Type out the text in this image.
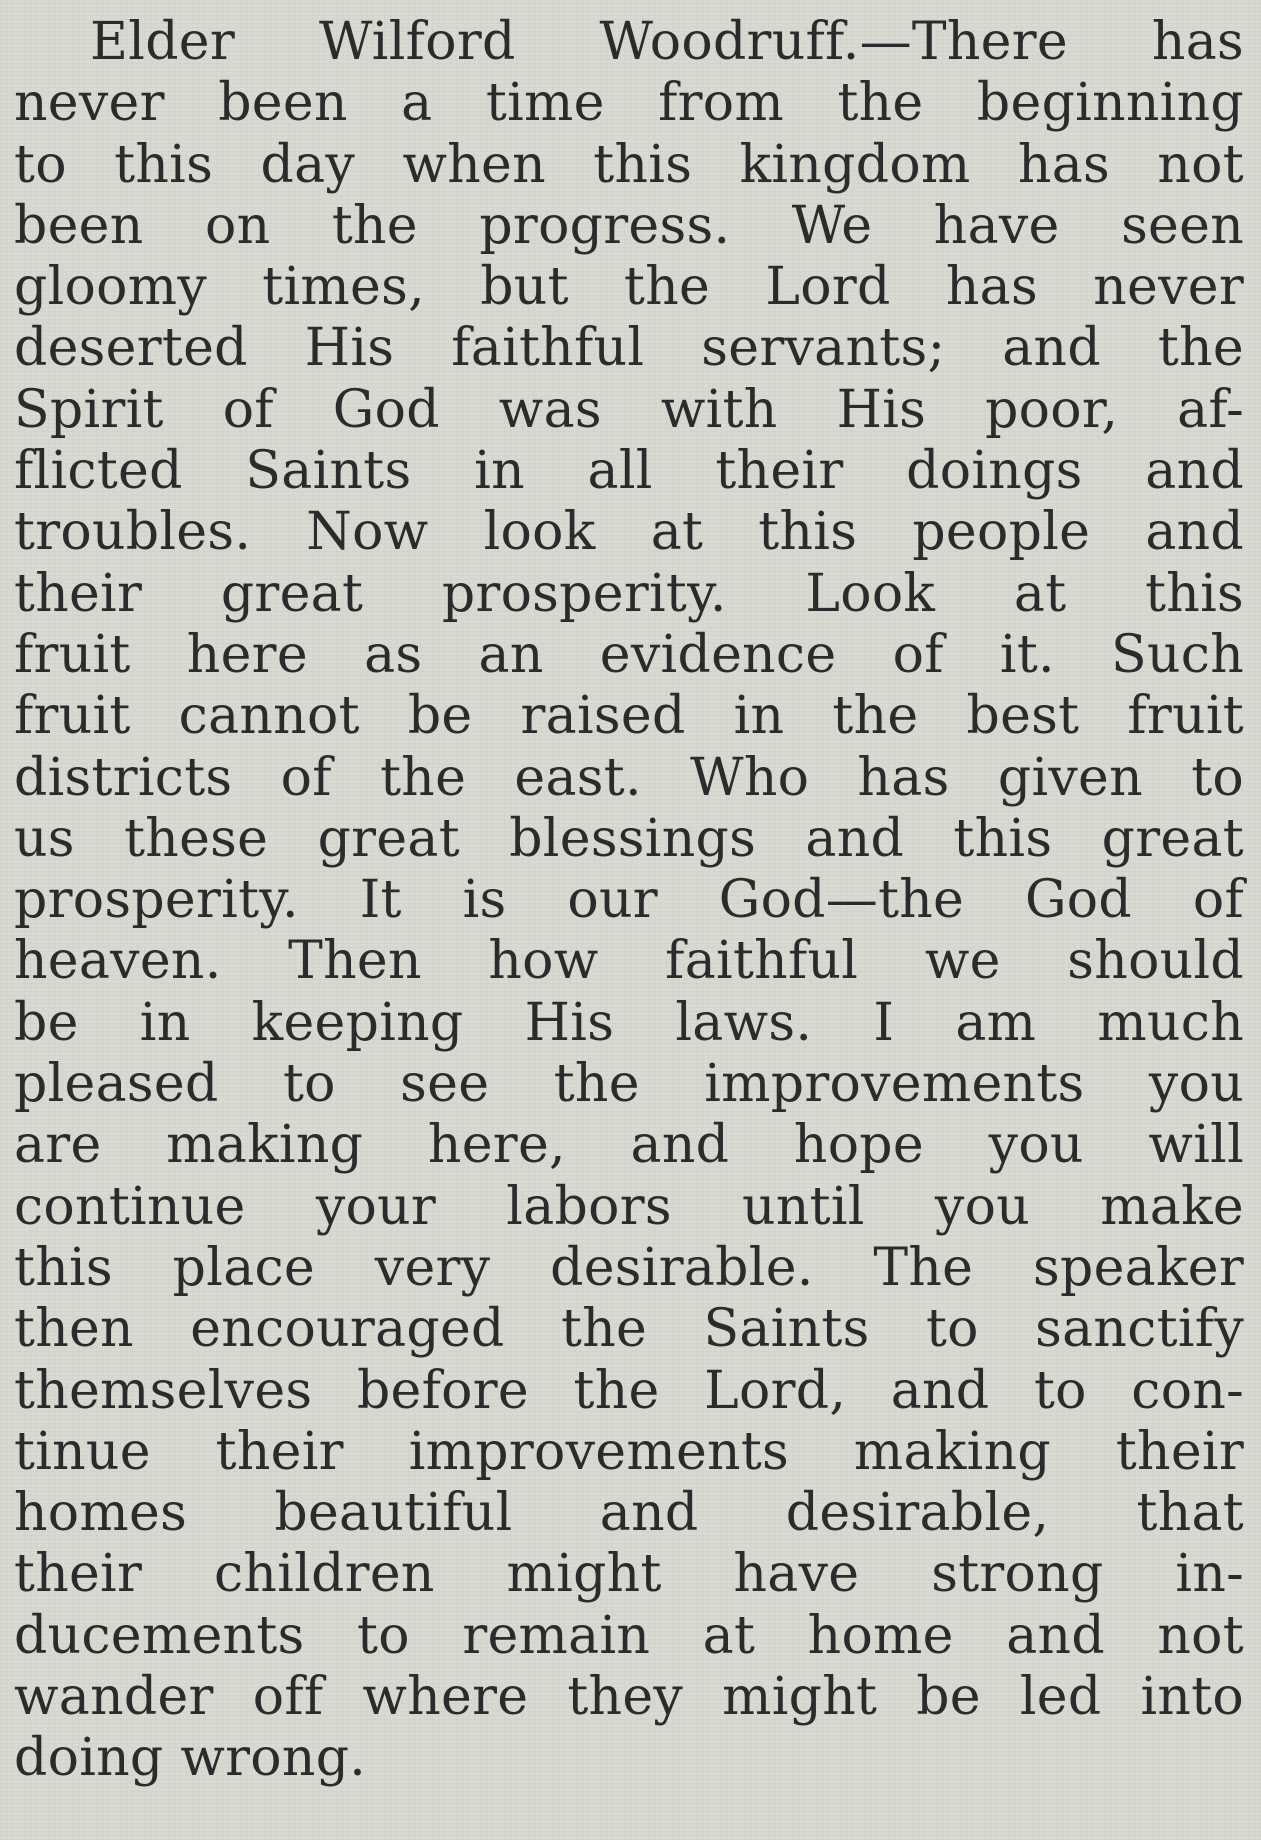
Elder Wilford Woodruff.—There has
never been a time from the beginning
to this day when this kingdom has not
been on the progress. We have seen
gloomy times, but the Lord has never
deserted His faithful servants; and the
Spirit of God was with His poor, af-
flicted Saints in all their doings and
troubles. Now look at this people and
their great prosperity. Look at this
fruit here as an evidence of it. Such
fruit cannot be raised in the best fruit
districts of the east. Who has given to
us these great blessings and this great
prosperity. It is our God—the God of
heaven. Then how faithful we should
be in keeping His laws. I am much
pleased to see the improvements you
are making here, and hope you will
continue your labors until you make
this place very desirable. The speaker
then encouraged the Saints to sanctify
themselves before the Lord, and to con-
tinue their improvements making their
homes beautiful and desirable, that
their children might have strong in-
ducements to remain at home and not
wander off where they might be led into
doing wrong.
